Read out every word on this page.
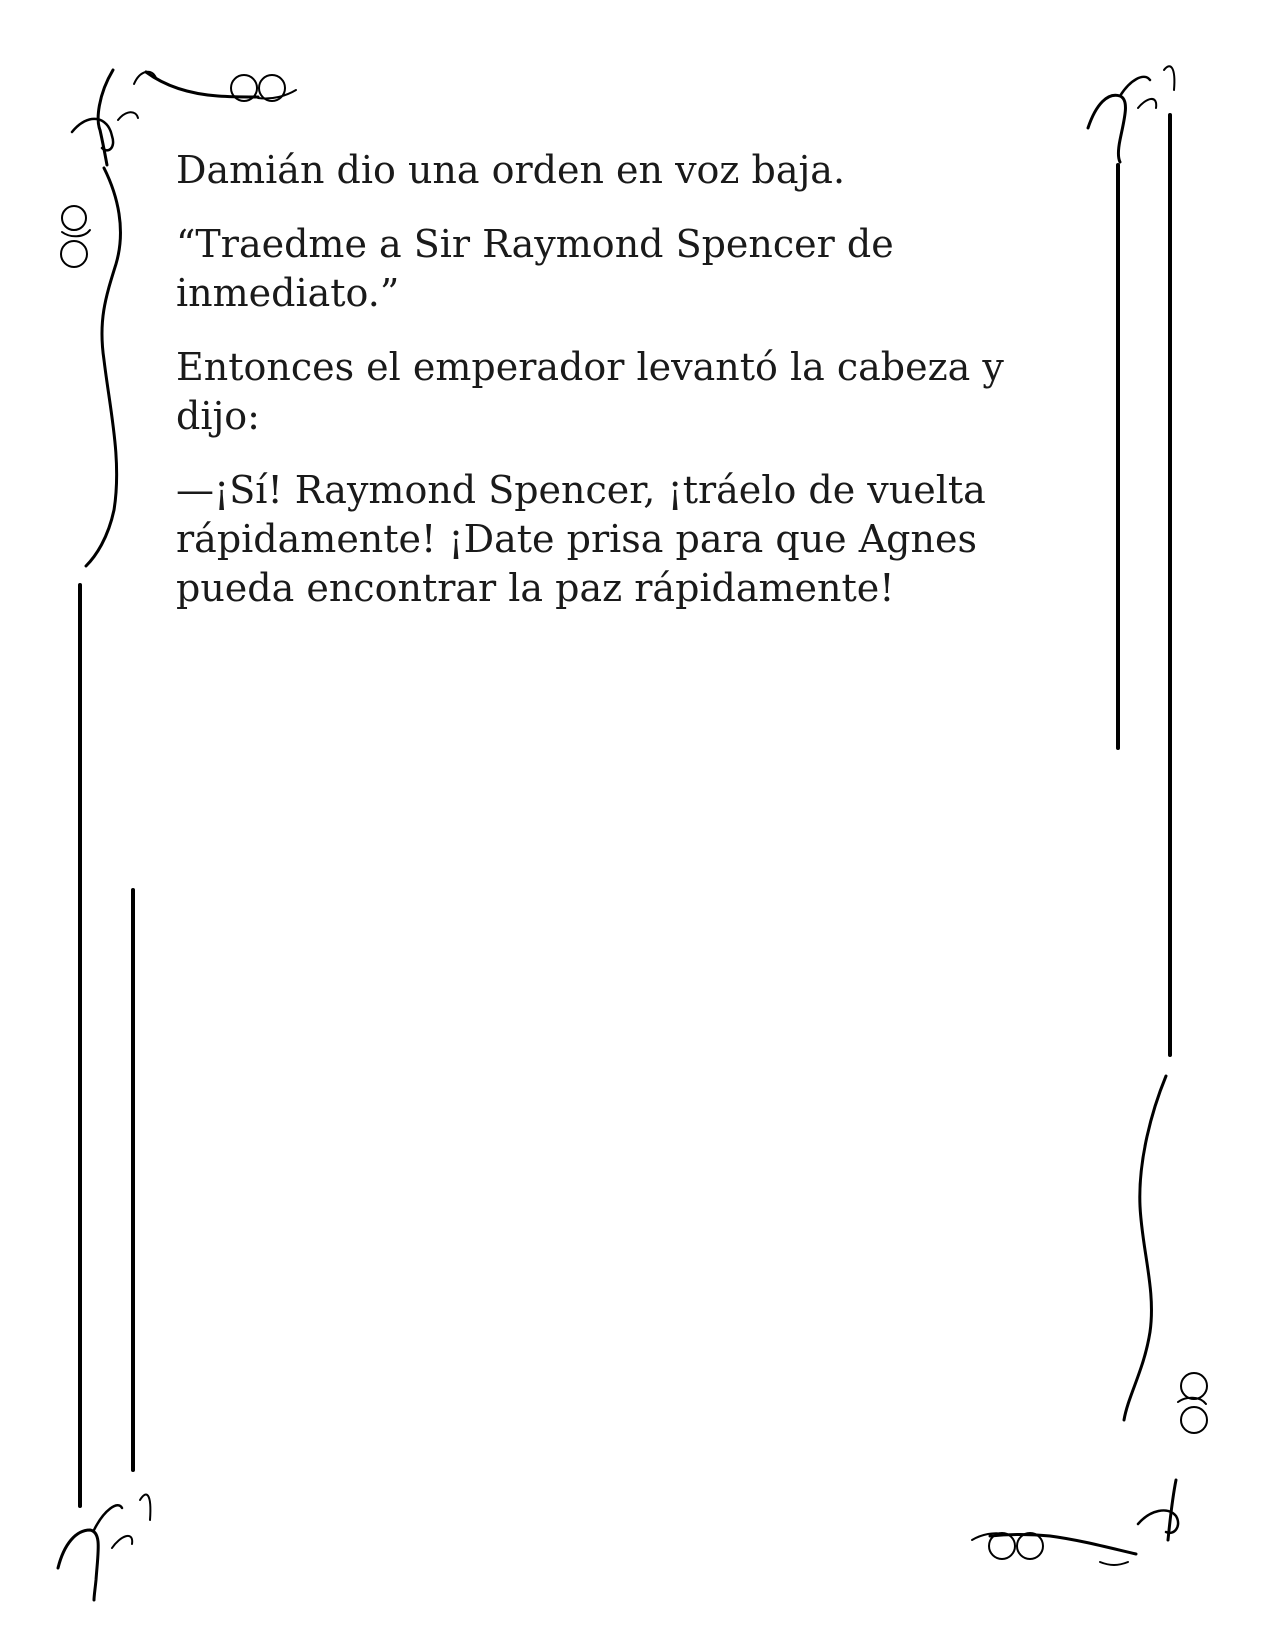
Damián dio una orden en voz baja.

“Traedme a Sir Raymond Spencer de inmediato.”

Entonces el emperador levantó la cabeza y dijo:

—¡Sí! Raymond Spencer, ¡tráelo de vuelta rápidamente! ¡Date prisa para que Agnes pueda encontrar la paz rápidamente!
